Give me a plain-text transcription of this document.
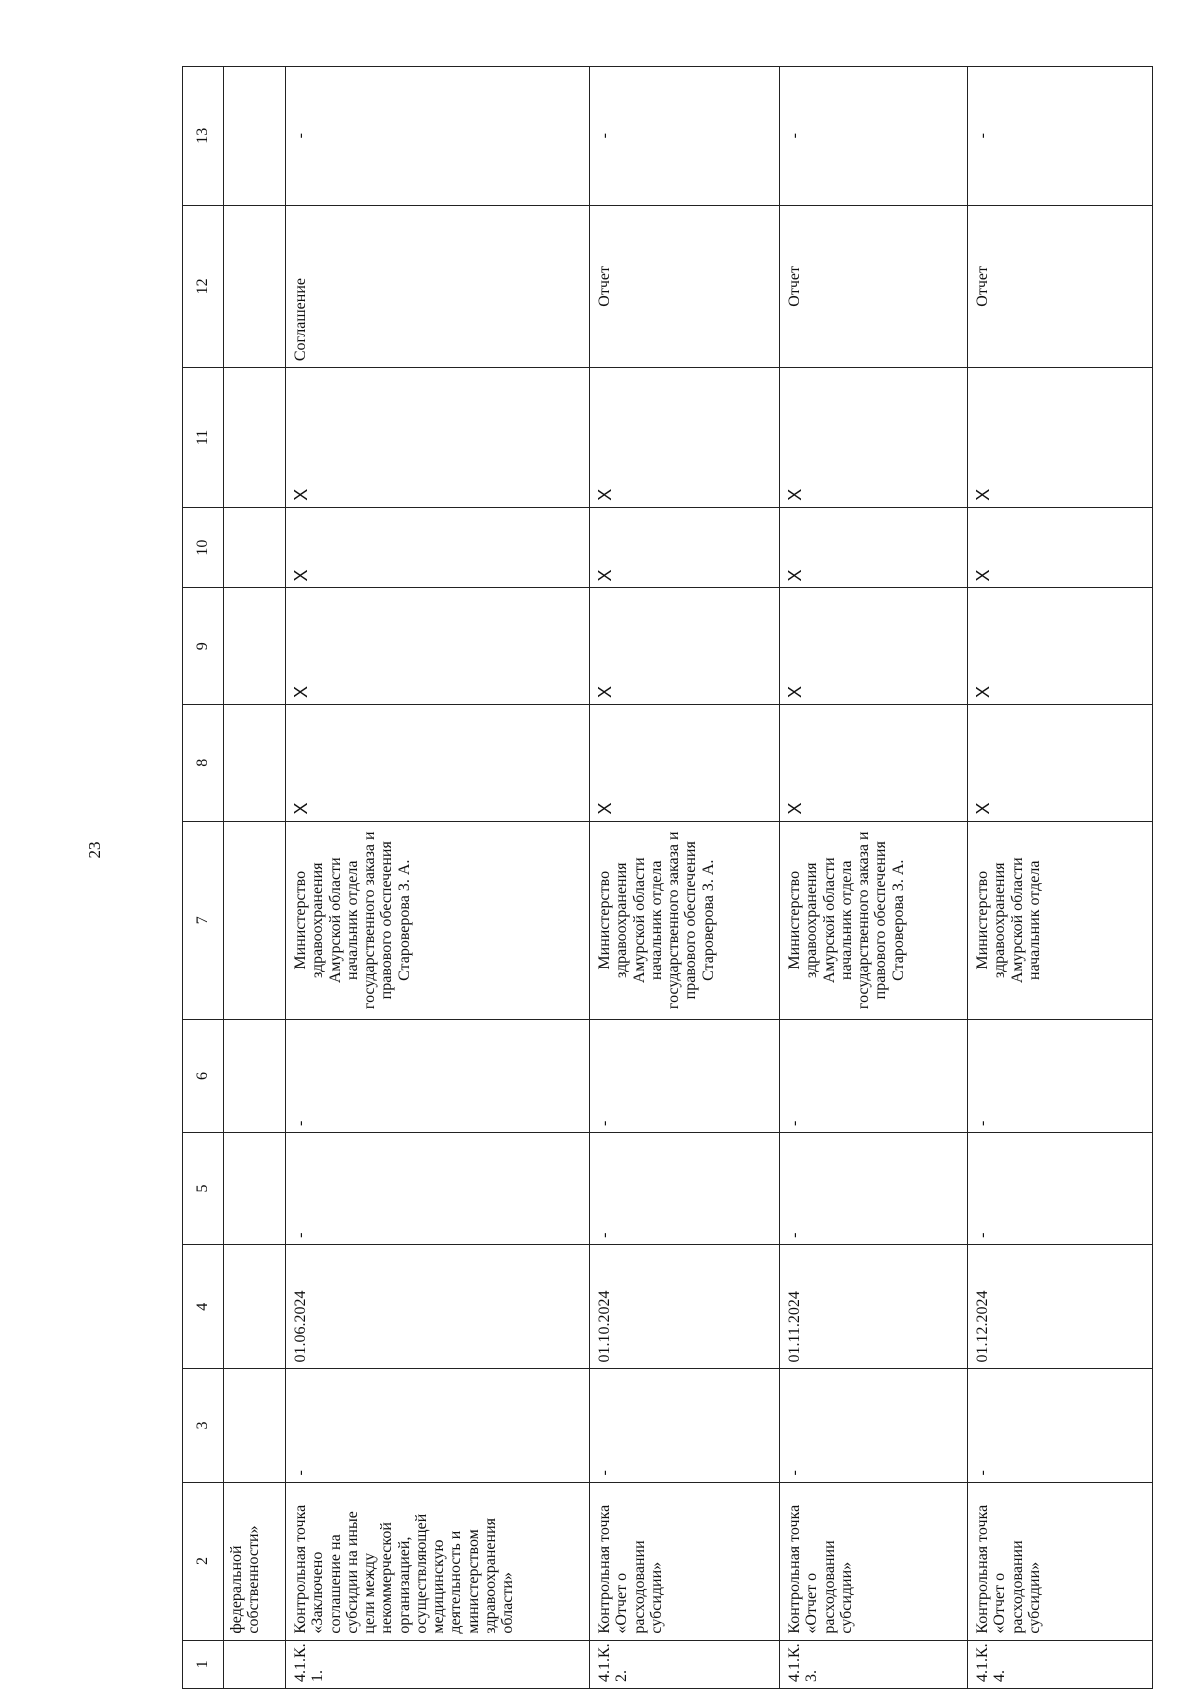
23
1	2	3	4	5	6	7	8	9	10	11	12	13
	федеральной собственности»											
4.1.К. 1.	Контрольная точка «Заключено соглашение на субсидии на иные цели между некоммерческой организацией, осуществляющей медицинскую деятельность и министерством здравоохранения области»	-	01.06.2024	-	-	Министерство здравоохранения Амурской области начальник отдела государственного заказа и правового обеспечения Староверова З. А.	Х	Х	Х	Х	Соглашение	-
4.1.К. 2.	Контрольная точка «Отчет о расходовании субсидии»	-	01.10.2024	-	-	Министерство здравоохранения Амурской области начальник отдела государственного заказа и правового обеспечения Староверова З. А.	Х	Х	Х	Х	Отчет	-
4.1.К. 3.	Контрольная точка «Отчет о расходовании субсидии»	-	01.11.2024	-	-	Министерство здравоохранения Амурской области начальник отдела государственного заказа и правового обеспечения Староверова З. А.	Х	Х	Х	Х	Отчет	-
4.1.К. 4.	Контрольная точка «Отчет о расходовании субсидии»	-	01.12.2024	-	-	Министерство здравоохранения Амурской области начальник отдела	Х	Х	Х	Х	Отчет	-
